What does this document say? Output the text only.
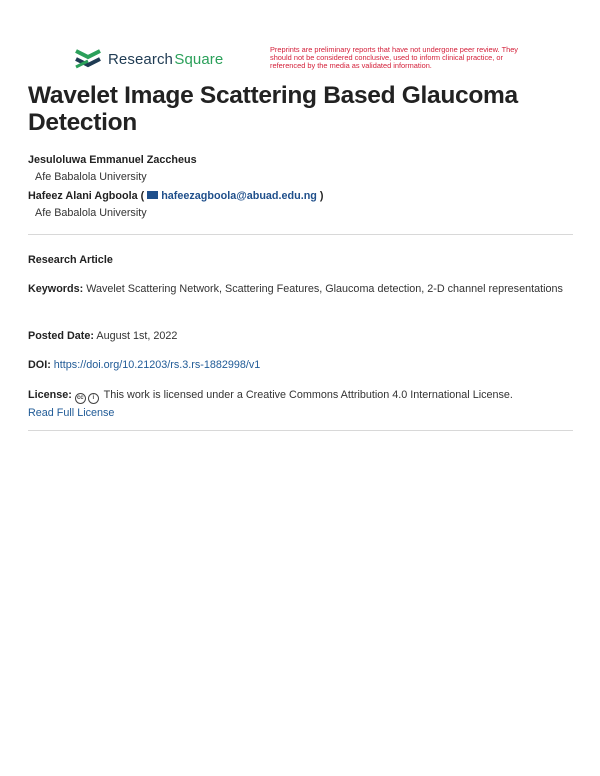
Research Square
Preprints are preliminary reports that have not undergone peer review. They should not be considered conclusive, used to inform clinical practice, or referenced by the media as validated information.
Wavelet Image Scattering Based Glaucoma Detection
Jesuloluwa Emmanuel Zaccheus
Afe Babalola University
Hafeez Alani Agboola ( hafeezagboola@abuad.edu.ng )
Afe Babalola University
Research Article
Keywords: Wavelet Scattering Network, Scattering Features, Glaucoma detection, 2-D channel representations
Posted Date: August 1st, 2022
DOI: https://doi.org/10.21203/rs.3.rs-1882998/v1
License: cc i This work is licensed under a Creative Commons Attribution 4.0 International License.
Read Full License
